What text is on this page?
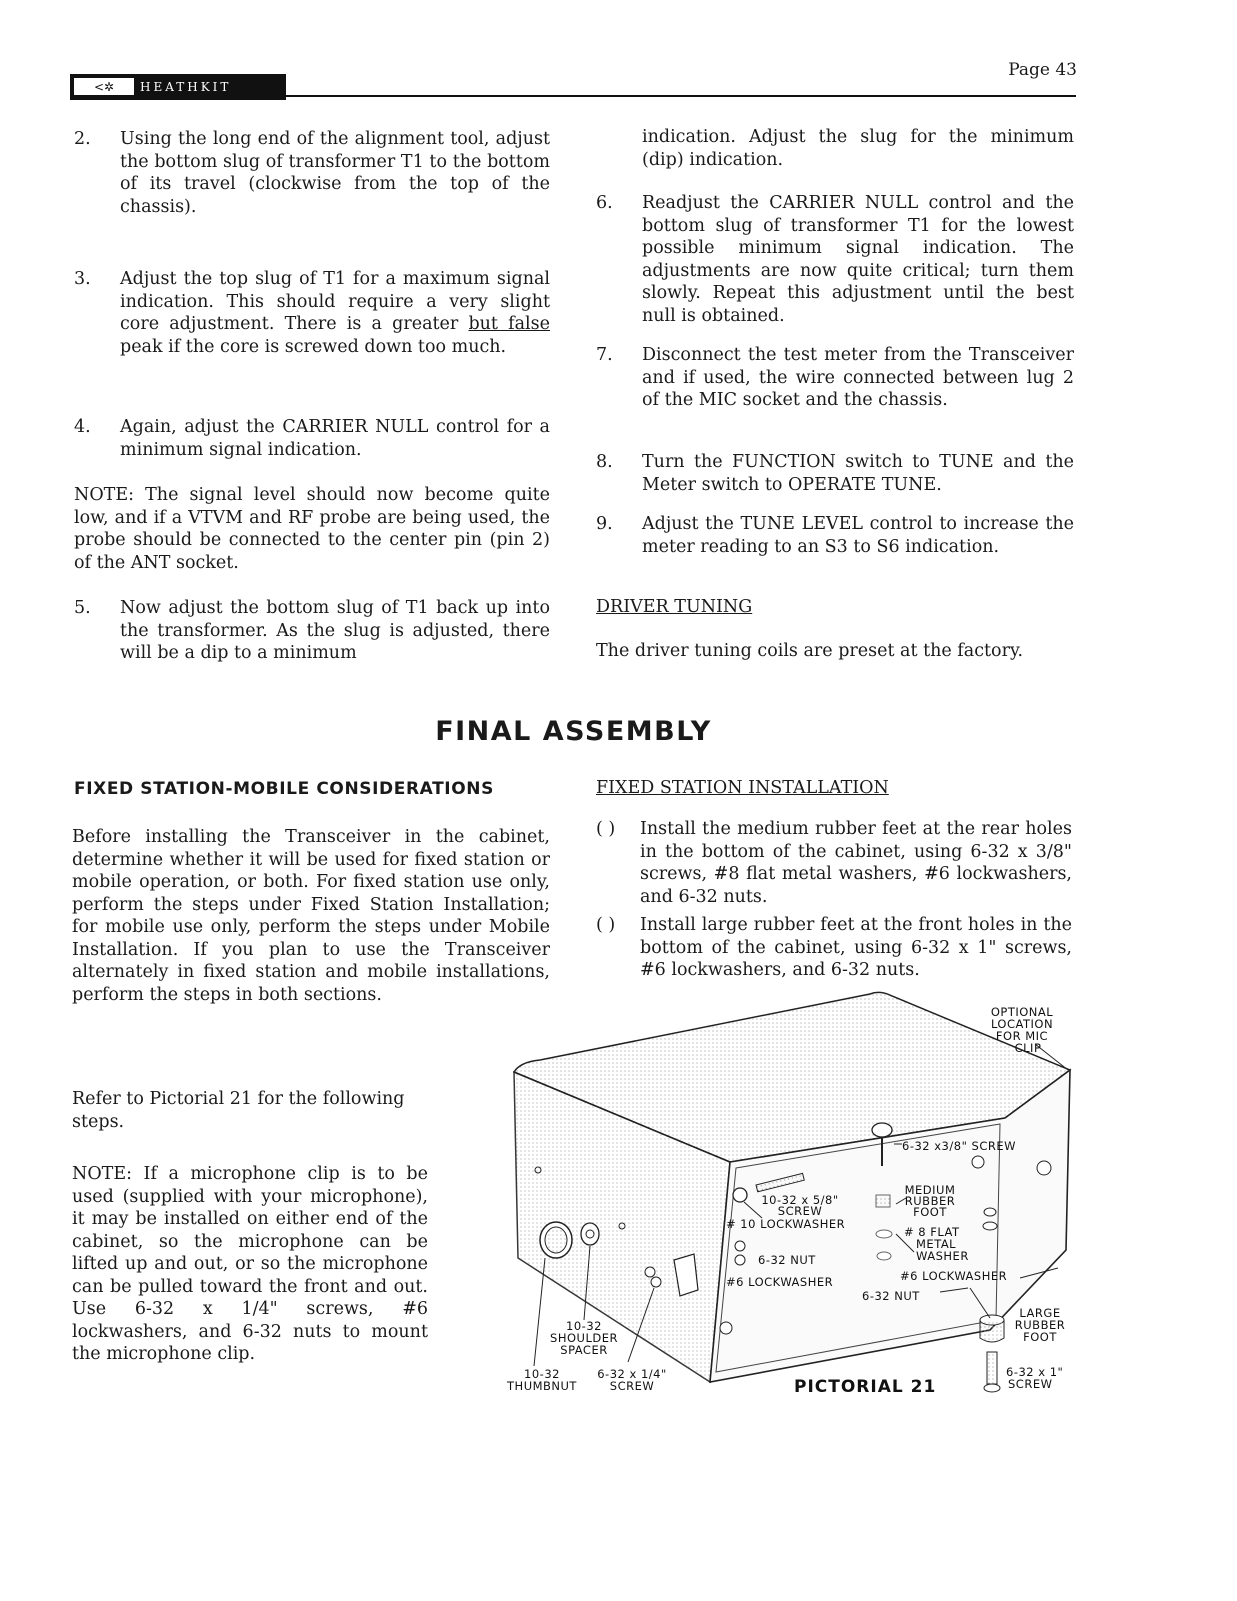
<✲	HEATHKIT
Page 43
2. Using the long end of the alignment tool, adjust the bottom slug of transformer T1 to the bottom of its travel (clockwise from the top of the chassis).
3. Adjust the top slug of T1 for a maximum signal indication. This should require a very slight core adjustment. There is a greater but false peak if the core is screwed down too much.
4. Again, adjust the CARRIER NULL control for a minimum signal indication.
NOTE: The signal level should now become quite low, and if a VTVM and RF probe are being used, the probe should be connected to the center pin (pin 2) of the ANT socket.
5. Now adjust the bottom slug of T1 back up into the transformer. As the slug is adjusted, there will be a dip to a minimum
indication. Adjust the slug for the minimum (dip) indication.
6. Readjust the CARRIER NULL control and the bottom slug of transformer T1 for the lowest possible minimum signal indication. The adjustments are now quite critical; turn them slowly. Repeat this adjustment until the best null is obtained.
7. Disconnect the test meter from the Transceiver and if used, the wire connected between lug 2 of the MIC socket and the chassis.
8. Turn the FUNCTION switch to TUNE and the Meter switch to OPERATE TUNE.
9. Adjust the TUNE LEVEL control to increase the meter reading to an S3 to S6 indication.
DRIVER TUNING
The driver tuning coils are preset at the factory.
FINAL ASSEMBLY
FIXED STATION-MOBILE CONSIDERATIONS
Before installing the Transceiver in the cabinet, determine whether it will be used for fixed station or mobile operation, or both. For fixed station use only, perform the steps under Fixed Station Installation; for mobile use only, perform the steps under Mobile Installation. If you plan to use the Transceiver alternately in fixed station and mobile installations, perform the steps in both sections.
Refer to Pictorial 21 for the following steps.
NOTE: If a microphone clip is to be used (supplied with your microphone), it may be installed on either end of the cabinet, so the microphone can be lifted up and out, or so the microphone can be pulled toward the front and out. Use 6-32 x 1/4" screws, #6 lockwashers, and 6-32 nuts to mount the microphone clip.
FIXED STATION INSTALLATION
( ) Install the medium rubber feet at the rear holes in the bottom of the cabinet, using 6-32 x 3/8" screws, #8 flat metal washers, #6 lockwashers, and 6-32 nuts.
( ) Install large rubber feet at the front holes in the bottom of the cabinet, using 6-32 x 1" screws, #6 lockwashers, and 6-32 nuts.
OPTIONAL
LOCATION
FOR MIC
CLIP
6-32 x3/8" SCREW
10-32 x 5/8"
SCREW
# 10 LOCKWASHER
MEDIUM
RUBBER
FOOT
# 8 FLAT
METAL
WASHER
6-32 NUT
#6 LOCKWASHER	#6 LOCKWASHER
6-32 NUT
LARGE
RUBBER
FOOT
10-32
SHOULDER
SPACER
10-32
THUMBNUT
6-32 x 1/4"
SCREW
6-32 x 1"
SCREW
PICTORIAL 21
